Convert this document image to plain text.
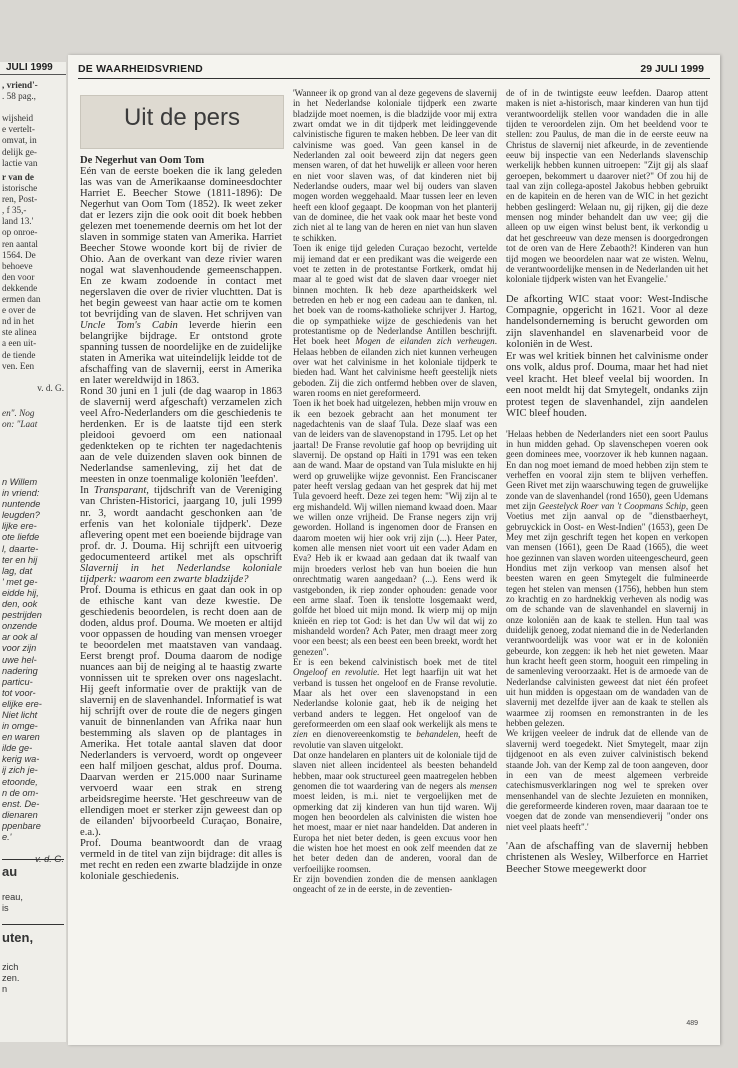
JULI 1999
, vriend'-
. 58 pag.,
wijsheid
e vertelt-
omvat, in
delijk ge-
lactie van
r van de
istorische
ren, Post-
, f 35,-
land 13.'
op onroe-
ren aantal
1564. De
behoeve
den voor
dekkende
ermen dan
e over de
nd in het
ste alinea
a een uit-
de tiende
ven. Een
v. d. G.
en". Nog
on: "Laat
n Willem
in vriend:
nuntende
leugden?
lijke ere-
ote liefde
l, daarte-
ter en hij
lag, dat
' met ge-
eidde hij,
den, ook
pestrijden
onzende
ar ook al
voor zijn
uwe hel-
nadering
particu-
tot voor-
elijke ere-
Niet licht
in omge-
en waren
ilde ge-
kerig wa-
ij zich je-
etoonde,
n de om-
enst. De-
dienaren
ppenbare
e.'
v. d. G.
au
reau,
is
uten,
zich
zen.
n
DE WAARHEIDSVRIEND	29 JULI 1999
Uit de pers

De Negerhut van Oom Tom

Eén van de eerste boeken die ik lang geleden las was van de Amerikaanse domineesdochter Harriet E. Beecher Stowe (1811-1896): De Negerhut van Oom Tom (1852). Ik weet zeker dat er lezers zijn die ook ooit dit boek hebben gelezen met toenemende deernis om het lot der slaven in sommige staten van Amerika. Harriet Beecher Stowe woonde kort bij de rivier de Ohio. Aan de overkant van deze rivier waren nogal wat slavenhoudende gemeenschappen. En ze kwam zodoende in contact met negerslaven die over de rivier vluchtten. Dat is het begin geweest van haar actie om te komen tot bevrijding van de slaven. Het schrijven van Uncle Tom's Cabin leverde hierin een belangrijke bijdrage. Er ontstond grote spanning tussen de noordelijke en de zuidelijke staten in Amerika wat uiteindelijk leidde tot de afschaffing van de slavernij, eerst in Amerika en later wereldwijd in 1863.

Rond 30 juni en 1 juli (de dag waarop in 1863 de slavernij werd afgeschaft) verzamelen zich veel Afro-Nederlanders om die geschiedenis te herdenken. Er is de laatste tijd een sterk pleidooi gevoerd om een nationaal gedenkteken op te richten ter nagedachtenis aan de vele duizenden slaven ook binnen de Nederlandse samenleving, zij het dat de meesten in onze toenmalige koloniën 'leefden'.

In Transparant, tijdschrift van de Vereniging van Christen-Historici, jaargang 10, juli 1999 nr. 3, wordt aandacht geschonken aan 'de erfenis van het koloniale tijdperk'. Deze aflevering opent met een boeiende bijdrage van prof. dr. J. Douma. Hij schrijft een uitvoerig gedocumenteerd artikel met als opschrift Slavernij in het Nederlandse koloniale tijdperk: waarom een zwarte bladzijde?

Prof. Douma is ethicus en gaat dan ook in op de ethische kant van deze kwestie. De geschiedenis beoordelen, is recht doen aan de doden, aldus prof. Douma. We moeten er altijd voor oppassen de houding van mensen vroeger te beoordelen met maatstaven van vandaag. Eerst brengt prof. Douma daarom de nodige nuances aan bij de neiging al te haastig zwarte vonnissen uit te spreken over ons nageslacht. Hij geeft informatie over de praktijk van de slavernij en de slavenhandel. Informatief is wat hij schrijft over de route die de negers gingen vanuit de binnenlanden van Afrika naar hun bestemming als slaven op de plantages in Amerika. Het totale aantal slaven dat door Nederlanders is vervoerd, wordt op ongeveer een half miljoen geschat, aldus prof. Douma. Daarvan werden er 215.000 naar Suriname vervoerd waar een strak en streng arbeidsregime heerste. 'Het geschreeuw van de ellendigen moet er sterker zijn geweest dan op de eilanden' bijvoorbeeld Curaçao, Bonaire, e.a.).

Prof. Douma beantwoordt dan de vraag vermeld in de titel van zijn bijdrage: dit alles is met recht en reden een zwarte bladzijde in onze koloniale geschiedenis.

'Wanneer ik op grond van al deze gegevens de slavernij in het Nederlandse koloniale tijdperk een zwarte bladzijde moet noemen, is die bladzijde voor mij extra zwart omdat we in dit tijdperk met leidinggevende calvinistische figuren te maken hebben. De leer van dit calvinisme was goed. Van geen kansel in de Nederlanden zal ooit beweerd zijn dat negers geen mensen waren, of dat het huwelijk er alleen voor heren en niet voor slaven was, of dat kinderen niet bij Nederlandse ouders, maar wel bij ouders van slaven mogen worden weggehaald. Maar tussen leer en leven heeft een kloof gegaapt. De koopman von het planterij van de dominee, die het vaak ook maar het beste vond zich niet al te lang van de heren en niet van hun slaven te schikken.

Toen ik enige tijd geleden Curaçao bezocht, vertelde mij iemand dat er een predikant was die weigerde een voet te zetten in de protestantse Fortkerk, omdat hij maar al te goed wist dat de slaven daar vroeger niet binnen mochten. Ik heb deze apartheidskerk wel betreden en heb er nog een cadeau aan te danken, nl. het boek van de rooms-katholieke schrijver J. Hartog, die op sympathieke wijze de geschiedenis van het protestantisme op de Nederlandse Antillen beschrijft. Het boek heet Mogen de eilanden zich verheugen. Helaas hebben de eilanden zich niet kunnen verheugen over wat het calvinisme in het koloniale tijdperk te bieden had. Want het calvinisme heeft geestelijk niets geboden. Zij die zich ontfermd hebben over de slaven, waren rooms en niet gereformeerd.

Toen ik het boek had uitgelezen, hebben mijn vrouw en ik een bezoek gebracht aan het monument ter nagedachtenis van de slaaf Tula. Deze slaaf was een van de leiders van de slavenopstand in 1795. Let op het jaartal! De Franse revolutie gaf hoop op bevrijding uit slavernij. De opstand op Haïti in 1791 was een teken aan de wand. Maar de opstand van Tula mislukte en hij werd op gruwelijke wijze gevonnist. Een Franciscaner pater heeft verslag gedaan van het gesprek dat hij met Tula gevoerd heeft. Deze zei tegen hem: "Wij zijn al te erg mishandeld. Wij willen niemand kwaad doen. Maar we willen onze vrijheid. De Franse negers zijn vrij geworden. Holland is ingenomen door de Fransen en daarom moeten wij hier ook vrij zijn (...). Heer Pater, komen alle mensen niet voort uit een vader Adam en Eva? Heb ik er kwaad aan gedaan dat ik twaalf van mijn broeders verlost heb van hun boeien die hun onrechtmatig waren aangedaan? (...). Eens werd ik vastgebonden, ik riep zonder ophouden: genade voor een arme slaaf. Toen ik tenslotte losgemaakt werd, golfde het bloed uit mijn mond. Ik wierp mij op mijn knieën en riep tot God: is het dan Uw wil dat wij zo mishandeld worden? Ach Pater, men draagt meer zorg voor een beest; als een beest een been breekt, wordt het genezen".

Er is een bekend calvinistisch boek met de titel Ongeloof en revolutie. Het legt haarfijn uit wat het verband is tussen het ongeloof en de Franse revolutie. Maar als het over een slavenopstand in een Nederlandse kolonie gaat, heb ik de neiging het verband anders te leggen. Het ongeloof van de gereformeerden om een slaaf ook werkelijk als mens te zien en dienovereenkomstig te behandelen, heeft de revolutie van slaven uitgelokt.

Dat onze handelaren en planters uit de koloniale tijd de slaven niet alleen incidenteel als beesten behandeld hebben, maar ook structureel geen maatregelen hebben genomen die tot waardering van de negers als mensen moest leiden, is m.i. niet te vergoelijken met de opmerking dat zij kinderen van hun tijd waren. Wij mogen hen beoordelen als calvinisten die wisten hoe het moest, maar er niet naar handelden. Dat anderen in Europa het niet beter deden, is geen excuus voor hen die wisten hoe het moest en ook zelf meenden dat ze het beter deden dan de anderen, vooral dan de verfoeilijke roomsen.

Er zijn bovendien zonden die de mensen aanklagen ongeacht of ze in de eerste, in de zeventien-

de of in de twintigste eeuw leefden. Daarop attent maken is niet a-historisch, maar kinderen van hun tijd verantwoordelijk stellen voor wandaden die in alle tijden te veroordelen zijn. Om het beeldend voor te stellen: zou Paulus, de man die in de eerste eeuw na Christus de slavernij niet afkeurde, in de zeventiende eeuw bij inspectie van een Nederlands slavenschip werkelijk hebben kunnen uitroepen: "Zijt gij als slaaf geroepen, bekommert u daarover niet?" Of zou hij de taal van zijn collega-apostel Jakobus hebben gebruikt en de kapitein en de heren van de WIC in het gezicht hebben geslingerd: Welaan nu, gij rijken, gij die deze mensen nog minder behandelt dan uw vee; gij die alleen op uw eigen winst belust bent, ik verkondig u dat het geschreeuw van deze mensen is doorgedrongen tot de oren van de Here Zebaoth?! Kinderen van hun tijd mogen we beoordelen naar wat ze wisten. Welnu, de verantwoordelijke mensen in de Nederlanden uit het koloniale tijdperk wisten van het Evangelie.'

De afkorting WIC staat voor: West-Indische Compagnie, opgericht in 1621. Voor al deze handelsonderneming is berucht geworden om zijn slavenhandel en slavenarbeid voor de koloniën in de West.

Er was wel kritiek binnen het calvinisme onder ons volk, aldus prof. Douma, maar het had niet veel kracht. Het bleef veelal bij woorden. In een noot meldt hij dat Smytegelt, ondanks zijn protest tegen de slavenhandel, zijn aandelen WIC bleef houden.

'Helaas hebben de Nederlanders niet een soort Paulus in hun midden gehad. Op slavenschepen voeren ook geen dominees mee, voorzover ik heb kunnen nagaan. En dan nog moet iemand de moed hebben zijn stem te verheffen en vooral zijn stem te blijven verheffen. Geen Rivet met zijn waarschuwing tegen de gruwelijke zonde van de slavenhandel (rond 1650), geen Udemans met zijn Geestelyck Roer van 't Coopmans Schip, geen Voetius met zijn aanval op de "dienstbaerheyt, gebruyckick in Oost- en West-Indien" (1653), geen De Mey met zijn geschrift tegen het kopen en verkopen van mensen (1661), geen De Raad (1665), die weet hoe gezinnen van slaven worden uiteengescheurd, geen Hondius met zijn verkoop van mensen alsof het beesten waren en geen Smytegelt die fulmineerde tegen het stelen van mensen (1756), hebben hun stem zo krachtig en zo hardnekkig verheven als nodig was om de schande van de slavenhandel en slavernij in onze koloniën aan de kaak te stellen. Hun taal was duidelijk genoeg, zodat niemand die in de Nederlanden verantwoordelijk was voor wat er in de koloniën gebeurde, kon zeggen: ik heb het niet geweten. Maar hun kracht heeft geen storm, hooguit een rimpeling in de samenleving veroorzaakt. Het is de armoede van de Nederlandse calvinisten geweest dat niet één profeet uit hun midden is opgestaan om de wandaden van de slavernij met dezelfde ijver aan de kaak te stellen als waarmee zij roomsen en remonstranten in de les hebben gelezen.

We krijgen veeleer de indruk dat de ellende van de slavernij werd toegedekt. Niet Smytegelt, maar zijn tijdgenoot en als even zuiver calvinistisch bekend staande Joh. van der Kemp zal de toon aangeven, door in een van de meest algemeen verbreide catechismusverklaringen nog wel te spreken over mensenhandel van de slechte Jezuïeten en monniken, die gereformeerde kinderen roven, maar daaraan toe te voegen dat de zonde van mensendieverij "onder ons niet veel plaats heeft".'

'Aan de afschaffing van de slavernij hebben christenen als Wesley, Wilberforce en Harriet Beecher Stowe meegewerkt door

489
